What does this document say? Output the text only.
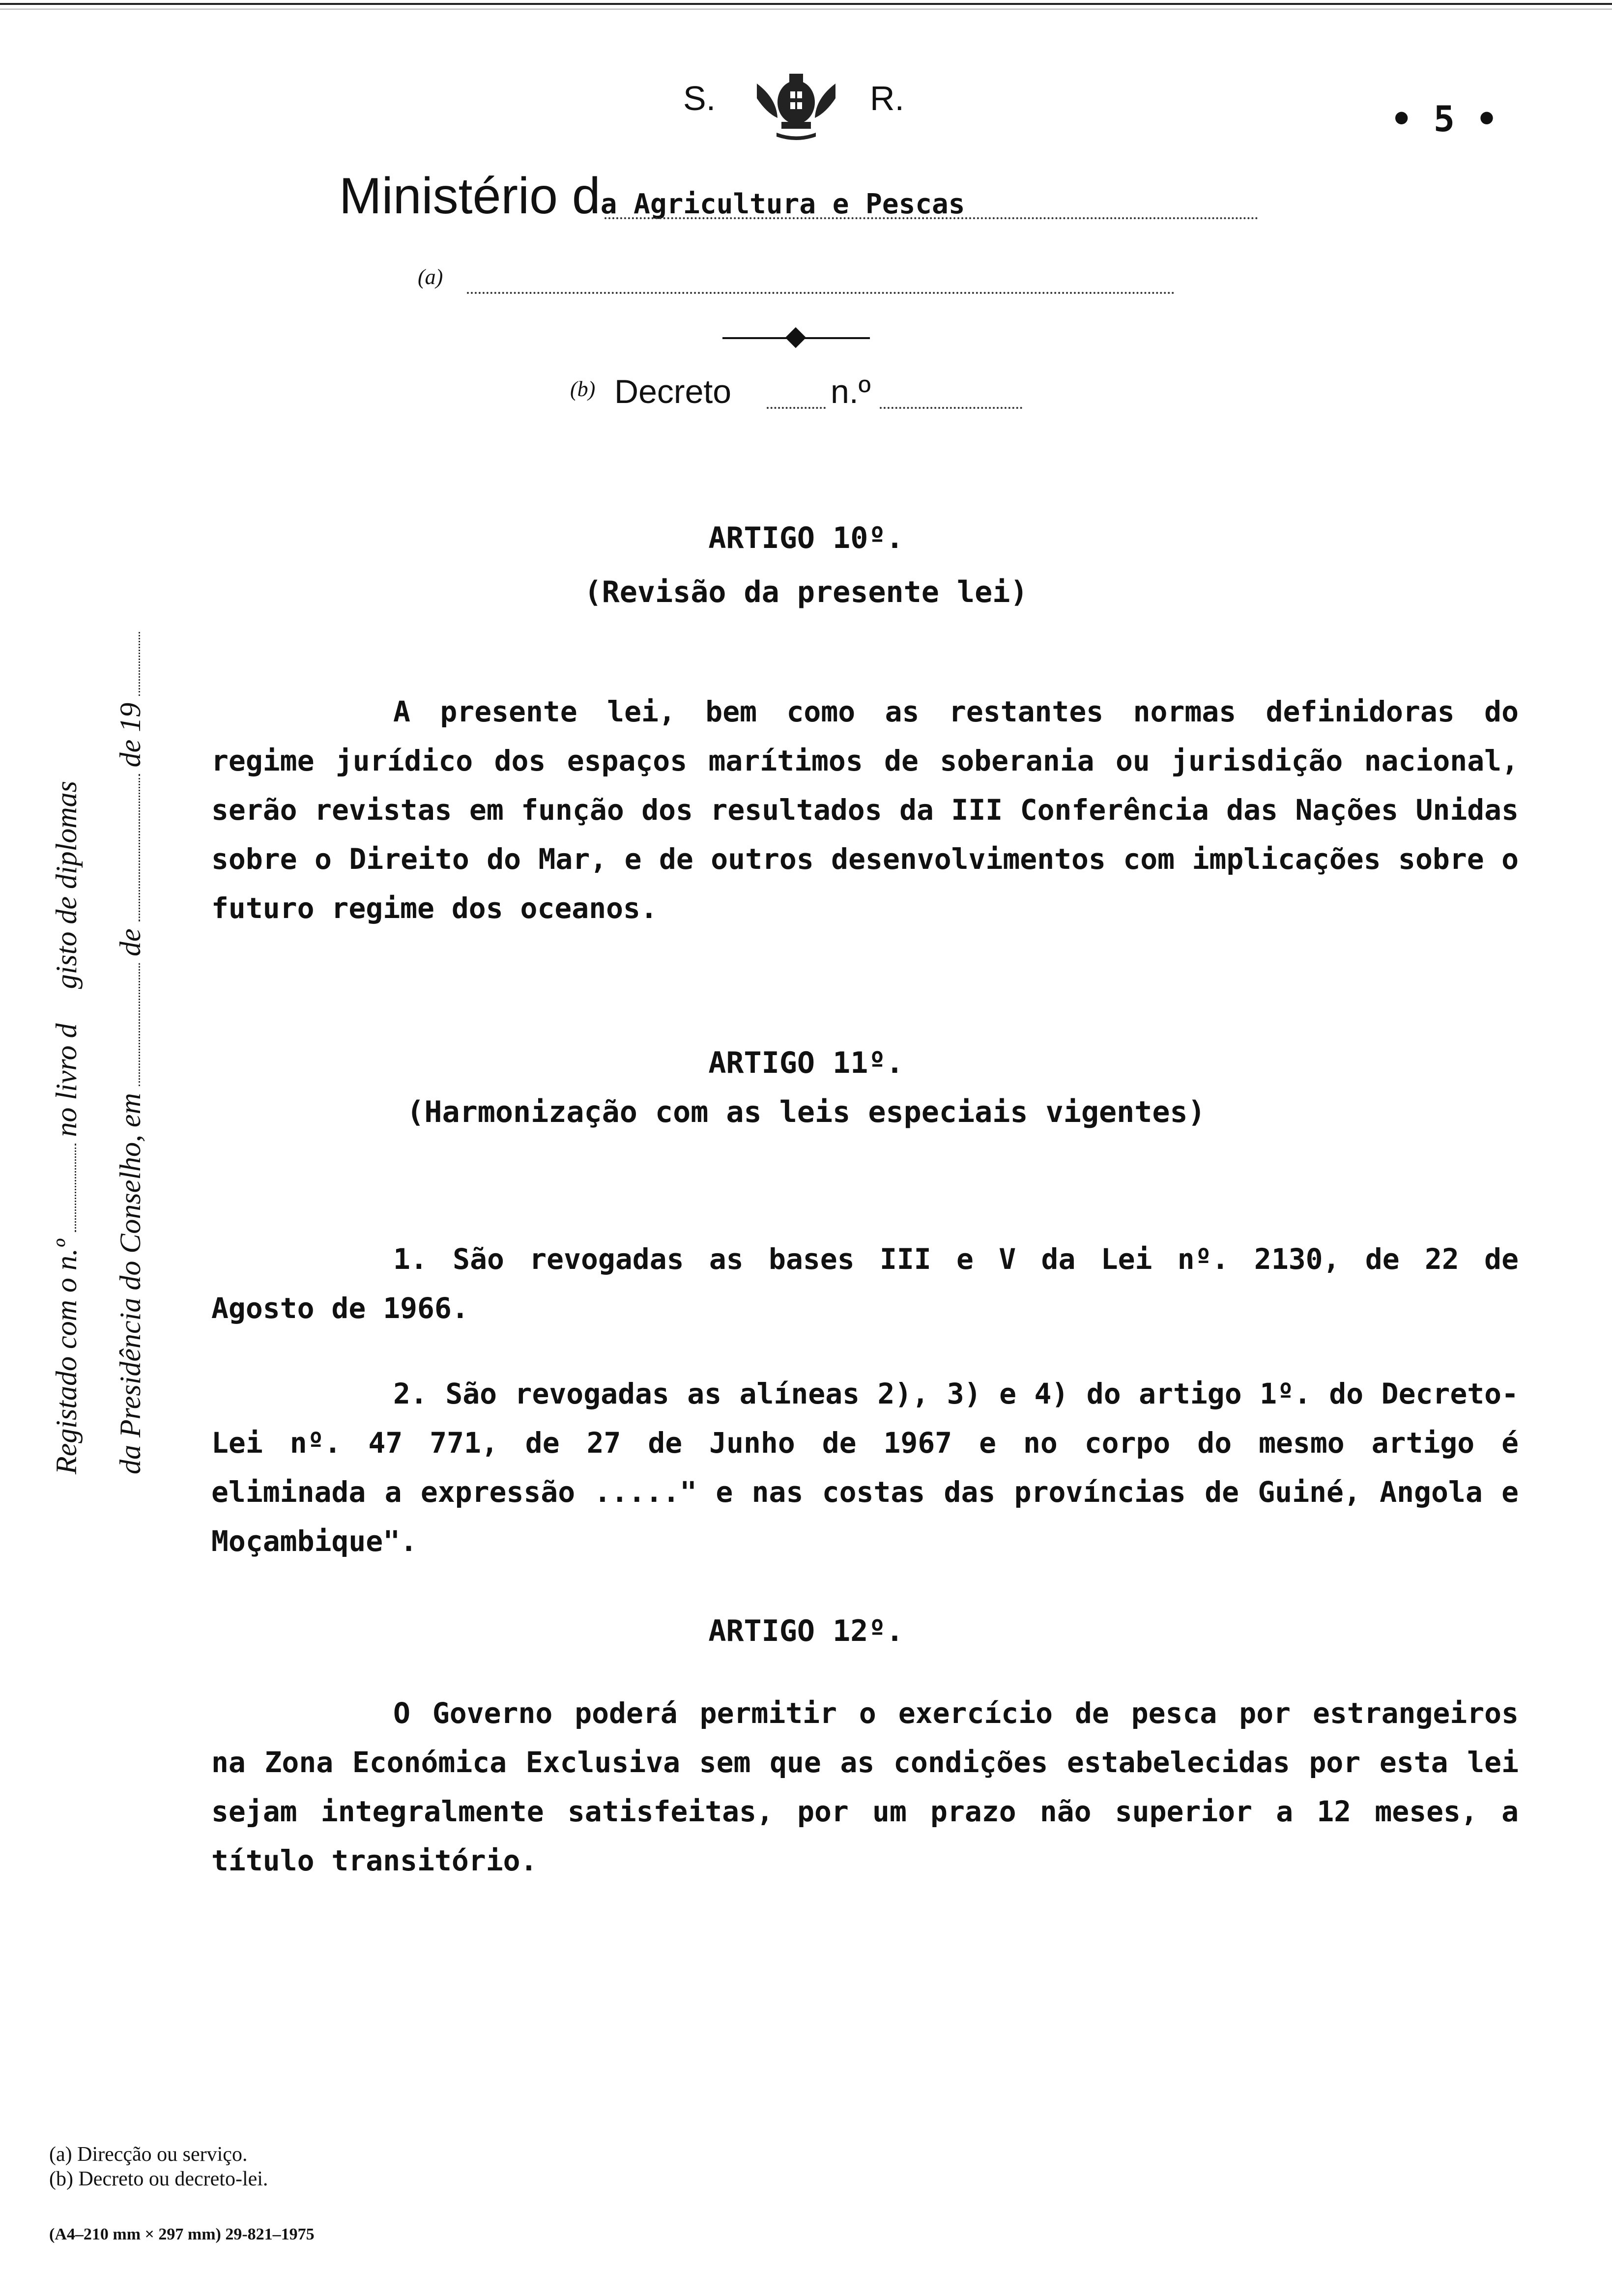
S.	R.	• 5 •
Ministério da Agricultura e Pescas
(a)
(b) Decreto	n.º
Registado com o n.º
no livro d
gisto de diplomas
da Presidência do Conselho, em
de
de 19
ARTIGO 10º.
(Revisão da presente lei)
A presente lei, bem como as restantes normas definidoras do regime jurídico dos espaços marítimos de soberania ou jurisdição nacional, serão revistas em função dos resultados da III Conferência das Nações Unidas sobre o Direito do Mar, e de outros desenvolvimentos com implicações sobre o futuro regime dos oceanos.
ARTIGO 11º.
(Harmonização com as leis especiais vigentes)
1. São revogadas as bases III e V da Lei nº. 2130, de 22 de Agosto de 1966.
2. São revogadas as alíneas 2), 3) e 4) do artigo 1º. do Decreto-Lei nº. 47 771, de 27 de Junho de 1967 e no corpo do mesmo artigo é eliminada a expressão ....." e nas costas das províncias de Guiné, Angola e Moçambique".
ARTIGO 12º.
O Governo poderá permitir o exercício de pesca por estrangeiros na Zona Económica Exclusiva sem que as condições estabelecidas por esta lei sejam integralmente satisfeitas, por um prazo não superior a 12 meses, a título transitório.
(a) Direcção ou serviço.
(b) Decreto ou decreto-lei.
(A4–210 mm × 297 mm) 29-821–1975
